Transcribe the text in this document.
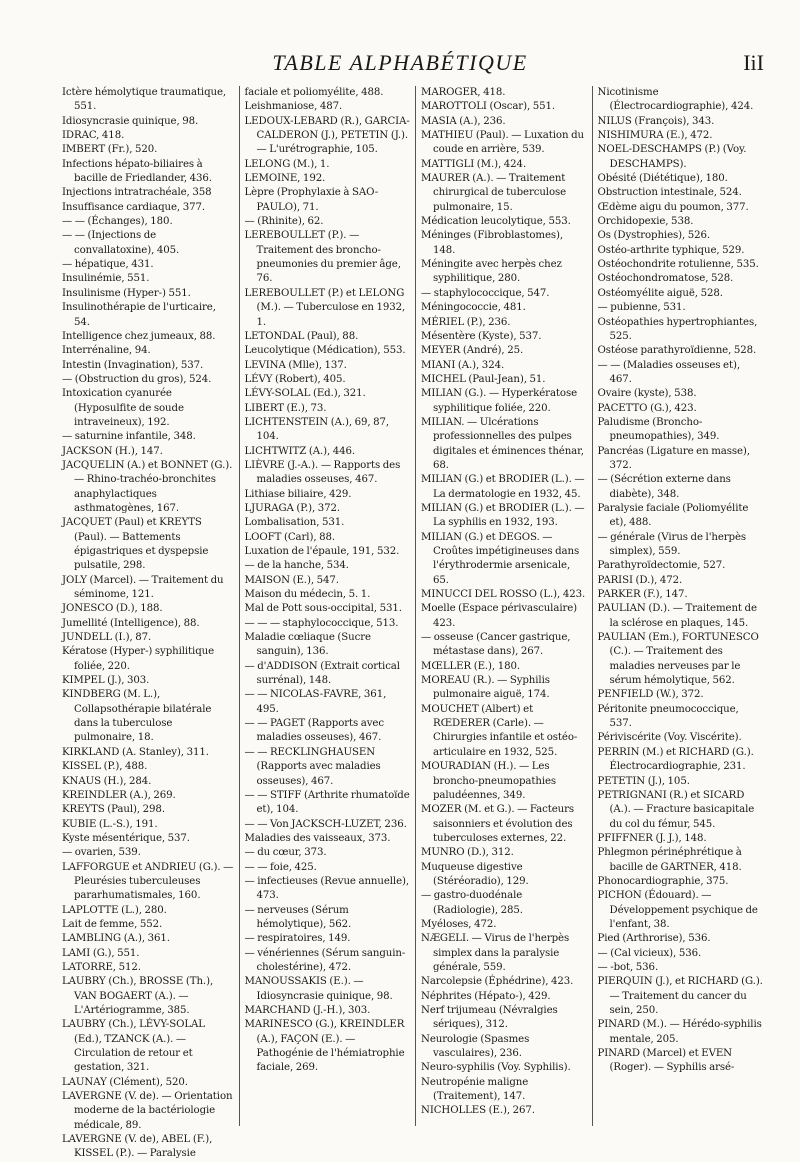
TABLE ALPHABÉTIQUE	IiI
Ictère hémolytique traumatique, 551.
Idiosyncrasie quinique, 98.
IDRAC, 418.
IMBERT (Fr.), 520.
Infections hépato-biliaires à bacille de Friedlander, 436.
Injections intratrachéale, 358
Insuffisance cardiaque, 377.
— — (Échanges), 180.
— — (Injections de convallatoxine), 405.
— hépatique, 431.
Insulinémie, 551.
Insulinisme (Hyper-) 551.
Insulinothérapie de l'urticaire, 54.
Intelligence chez jumeaux, 88.
Interrénaline, 94.
Intestin (Invagination), 537.
— (Obstruction du gros), 524.
Intoxication cyanurée (Hyposulfite de soude intraveineux), 192.
— saturnine infantile, 348.
JACKSON (H.), 147.
JACQUELIN (A.) et BONNET (G.). — Rhino-trachéo-bronchites anaphylactiques asthmatogènes, 167.
JACQUET (Paul) et KREYTS (Paul). — Battements épigastriques et dyspepsie pulsatile, 298.
JOLY (Marcel). — Traitement du séminome, 121.
JONESCO (D.), 188.
Jumellité (Intelligence), 88.
JUNDELL (I.), 87.
Kératose (Hyper-) syphilitique foliée, 220.
KIMPEL (J.), 303.
KINDBERG (M. L.), Collapsothérapie bilatérale dans la tuberculose pulmonaire, 18.
KIRKLAND (A. Stanley), 311.
KISSEL (P.), 488.
KNAUS (H.), 284.
KREINDLER (A.), 269.
KREYTS (Paul), 298.
KUBIE (L.-S.), 191.
Kyste mésentérique, 537.
— ovarien, 539.
LAFFORGUE et ANDRIEU (G.). — Pleurésies tuberculeuses pararhumatismales, 160.
LAPLOTTE (L.), 280.
Lait de femme, 552.
LAMBLING (A.), 361.
LAMI (G.), 551.
LATORRE, 512.
LAUBRY (Ch.), BROSSE (Th.), VAN BOGAERT (A.). — L'Artériogramme, 385.
LAUBRY (Ch.), LÉVY-SOLAL (Ed.), TZANCK (A.). — Circulation de retour et gestation, 321.
LAUNAY (Clément), 520.
LAVERGNE (V. de). — Orientation moderne de la bactériologie médicale, 89.
LAVERGNE (V. de), ABEL (F.), KISSEL (P.). — Paralysie
faciale et poliomyélite, 488.
Leishmaniose, 487.
LEDOUX-LEBARD (R.), GARCIA-CALDERON (J.), PETETIN (J.). — L'urétrographie, 105.
LELONG (M.), 1.
LEMOINE, 192.
Lèpre (Prophylaxie à SAO-PAULO), 71.
— (Rhinite), 62.
LEREBOULLET (P.). — Traitement des broncho-pneumonies du premier âge, 76.
LEREBOULLET (P.) et LELONG (M.). — Tuberculose en 1932, 1.
LETONDAL (Paul), 88.
Leucolytique (Médication), 553.
LEVINA (Mlle), 137.
LÉVY (Robert), 405.
LÉVY-SOLAL (Ed.), 321.
LIBERT (E.), 73.
LICHTENSTEIN (A.), 69, 87, 104.
LICHTWITZ (A.), 446.
LIÈVRE (J.-A.). — Rapports des maladies osseuses, 467.
Lithiase biliaire, 429.
LJURAGA (P.), 372.
Lombalisation, 531.
LOOFT (Carl), 88.
Luxation de l'épaule, 191, 532.
— de la hanche, 534.
MAISON (E.), 547.
Maison du médecin, 5. 1.
Mal de Pott sous-occipital, 531.
— — — staphylococcique, 513.
Maladie cœliaque (Sucre sanguin), 136.
— d'ADDISON (Extrait cortical surrénal), 148.
— — NICOLAS-FAVRE, 361, 495.
— — PAGET (Rapports avec maladies osseuses), 467.
— — RECKLINGHAUSEN (Rapports avec maladies osseuses), 467.
— — STIFF (Arthrite rhumatoïde et), 104.
— — Von JACKSCH-LUZET, 236.
Maladies des vaisseaux, 373.
— du cœur, 373.
— — foie, 425.
— infectieuses (Revue annuelle), 473.
— nerveuses (Sérum hémolytique), 562.
— respiratoires, 149.
— vénériennes (Sérum sanguin-cholestérine), 472.
MANOUSSAKIS (E.). — Idiosyncrasie quinique, 98.
MARCHAND (J.-H.), 303.
MARINESCO (G.), KREINDLER (A.), FAÇON (E.). — Pathogénie de l'hémiatrophie faciale, 269.
MAROGER, 418.
MAROTTOLI (Oscar), 551.
MASIA (A.), 236.
MATHIEU (Paul). — Luxation du coude en arrière, 539.
MATTIGLI (M.), 424.
MAURER (A.). — Traitement chirurgical de tuberculose pulmonaire, 15.
Médication leucolytique, 553.
Méninges (Fibroblastomes), 148.
Méningite avec herpès chez syphilitique, 280.
— staphylococcique, 547.
Méningococcie, 481.
MÉRIEL (P.), 236.
Mésentère (Kyste), 537.
MEYER (André), 25.
MIANI (A.), 324.
MICHEL (Paul-Jean), 51.
MILIAN (G.). — Hyperkératose syphilitique foliée, 220.
MILIAN. — Ulcérations professionnelles des pulpes digitales et éminences thénar, 68.
MILIAN (G.) et BRODIER (L.). — La dermatologie en 1932, 45.
MILIAN (G.) et BRODIER (L.). — La syphilis en 1932, 193.
MILIAN (G.) et DEGOS. — Croûtes impétigineuses dans l'érythrodermie arsenicale, 65.
MINUCCI DEL ROSSO (L.), 423.
Moelle (Espace périvasculaire) 423.
— osseuse (Cancer gastrique, métastase dans), 267.
MŒLLER (E.), 180.
MOREAU (R.). — Syphilis pulmonaire aiguë, 174.
MOUCHET (Albert) et RŒDERER (Carle). — Chirurgies infantile et ostéo-articulaire en 1932, 525.
MOURADIAN (H.). — Les broncho-pneumopathies paludéennes, 349.
MOZER (M. et G.). — Facteurs saisonniers et évolution des tuberculoses externes, 22.
MUNRO (D.), 312.
Muqueuse digestive (Stéréoradio), 129.
— gastro-duodénale (Radiologie), 285.
Myéloses, 472.
NÆGELI. — Virus de l'herpès simplex dans la paralysie générale, 559.
Narcolepsie (Éphédrine), 423.
Néphrites (Hépato-), 429.
Nerf trijumeau (Névralgies sériques), 312.
Neurologie (Spasmes vasculaires), 236.
Neuro-syphilis (Voy. Syphilis).
Neutropénie maligne (Traitement), 147.
NICHOLLES (E.), 267.
Nicotinisme (Électrocardiographie), 424.
NILUS (François), 343.
NISHIMURA (E.), 472.
NOEL-DESCHAMPS (P.) (Voy. DESCHAMPS).
Obésité (Diététique), 180.
Obstruction intestinale, 524.
Œdème aigu du poumon, 377.
Orchidopexie, 538.
Os (Dystrophies), 526.
Ostéo-arthrite typhique, 529.
Ostéochondrite rotulienne, 535.
Ostéochondromatose, 528.
Ostéomyélite aiguë, 528.
— pubienne, 531.
Ostéopathies hypertrophiantes, 525.
Ostéose parathyroïdienne, 528.
— — (Maladies osseuses et), 467.
Ovaire (kyste), 538.
PACETTO (G.), 423.
Paludisme (Broncho-pneumopathies), 349.
Pancréas (Ligature en masse), 372.
— (Sécrétion externe dans diabète), 348.
Paralysie faciale (Poliomyélite et), 488.
— générale (Virus de l'herpès simplex), 559.
Parathyroïdectomie, 527.
PARISI (D.), 472.
PARKER (F.), 147.
PAULIAN (D.). — Traitement de la sclérose en plaques, 145.
PAULIAN (Em.), FORTUNESCO (C.). — Traitement des maladies nerveuses par le sérum hémolytique, 562.
PENFIELD (W.), 372.
Péritonite pneumococcique, 537.
Périviscérite (Voy. Viscérite).
PERRIN (M.) et RICHARD (G.). Électrocardiographie, 231.
PETETIN (J.), 105.
PETRIGNANI (R.) et SICARD (A.). — Fracture basicapitale du col du fémur, 545.
PFIFFNER (J. J.), 148.
Phlegmon périnéphrétique à bacille de GARTNER, 418.
Phonocardiographie, 375.
PICHON (Édouard). — Développement psychique de l'enfant, 38.
Pied (Arthrorise), 536.
— (Cal vicieux), 536.
— -bot, 536.
PIERQUIN (J.), et RICHARD (G.). — Traitement du cancer du sein, 250.
PINARD (M.). — Hérédo-syphilis mentale, 205.
PINARD (Marcel) et EVEN (Roger). — Syphilis arsé-
